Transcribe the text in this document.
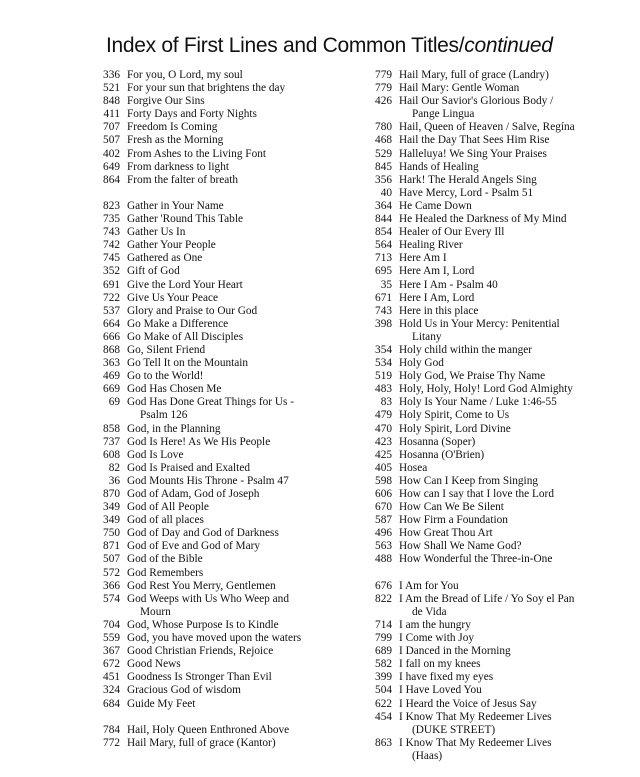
Index of First Lines and Common Titles/continued
336 For you, O Lord, my soul
521 For your sun that brightens the day
848 Forgive Our Sins
411 Forty Days and Forty Nights
707 Freedom Is Coming
507 Fresh as the Morning
402 From Ashes to the Living Font
649 From darkness to light
864 From the falter of breath
823 Gather in Your Name
735 Gather 'Round This Table
743 Gather Us In
742 Gather Your People
745 Gathered as One
352 Gift of God
691 Give the Lord Your Heart
722 Give Us Your Peace
537 Glory and Praise to Our God
664 Go Make a Difference
666 Go Make of All Disciples
868 Go, Silent Friend
363 Go Tell It on the Mountain
469 Go to the World!
669 God Has Chosen Me
69 God Has Done Great Things for Us -
Psalm 126
858 God, in the Planning
737 God Is Here! As We His People
608 God Is Love
82 God Is Praised and Exalted
36 God Mounts His Throne - Psalm 47
870 God of Adam, God of Joseph
349 God of All People
349 God of all places
750 God of Day and God of Darkness
871 God of Eve and God of Mary
507 God of the Bible
572 God Remembers
366 God Rest You Merry, Gentlemen
574 God Weeps with Us Who Weep and
Mourn
704 God, Whose Purpose Is to Kindle
559 God, you have moved upon the waters
367 Good Christian Friends, Rejoice
672 Good News
451 Goodness Is Stronger Than Evil
324 Gracious God of wisdom
684 Guide My Feet
784 Hail, Holy Queen Enthroned Above
772 Hail Mary, full of grace (Kantor)
779 Hail Mary, full of grace (Landry)
779 Hail Mary: Gentle Woman
426 Hail Our Savior's Glorious Body /
Pange Lingua
780 Hail, Queen of Heaven / Salve, Regína
468 Hail the Day That Sees Him Rise
529 Halleluya! We Sing Your Praises
845 Hands of Healing
356 Hark! The Herald Angels Sing
40 Have Mercy, Lord - Psalm 51
364 He Came Down
844 He Healed the Darkness of My Mind
854 Healer of Our Every Ill
564 Healing River
713 Here Am I
695 Here Am I, Lord
35 Here I Am - Psalm 40
671 Here I Am, Lord
743 Here in this place
398 Hold Us in Your Mercy: Penitential
Litany
354 Holy child within the manger
534 Holy God
519 Holy God, We Praise Thy Name
483 Holy, Holy, Holy! Lord God Almighty
83 Holy Is Your Name / Luke 1:46-55
479 Holy Spirit, Come to Us
470 Holy Spirit, Lord Divine
423 Hosanna (Soper)
425 Hosanna (O'Brien)
405 Hosea
598 How Can I Keep from Singing
606 How can I say that I love the Lord
670 How Can We Be Silent
587 How Firm a Foundation
496 How Great Thou Art
563 How Shall We Name God?
488 How Wonderful the Three-in-One
676 I Am for You
822 I Am the Bread of Life / Yo Soy el Pan
de Vida
714 I am the hungry
799 I Come with Joy
689 I Danced in the Morning
582 I fall on my knees
399 I have fixed my eyes
504 I Have Loved You
622 I Heard the Voice of Jesus Say
454 I Know That My Redeemer Lives
(DUKE STREET)
863 I Know That My Redeemer Lives
(Haas)
